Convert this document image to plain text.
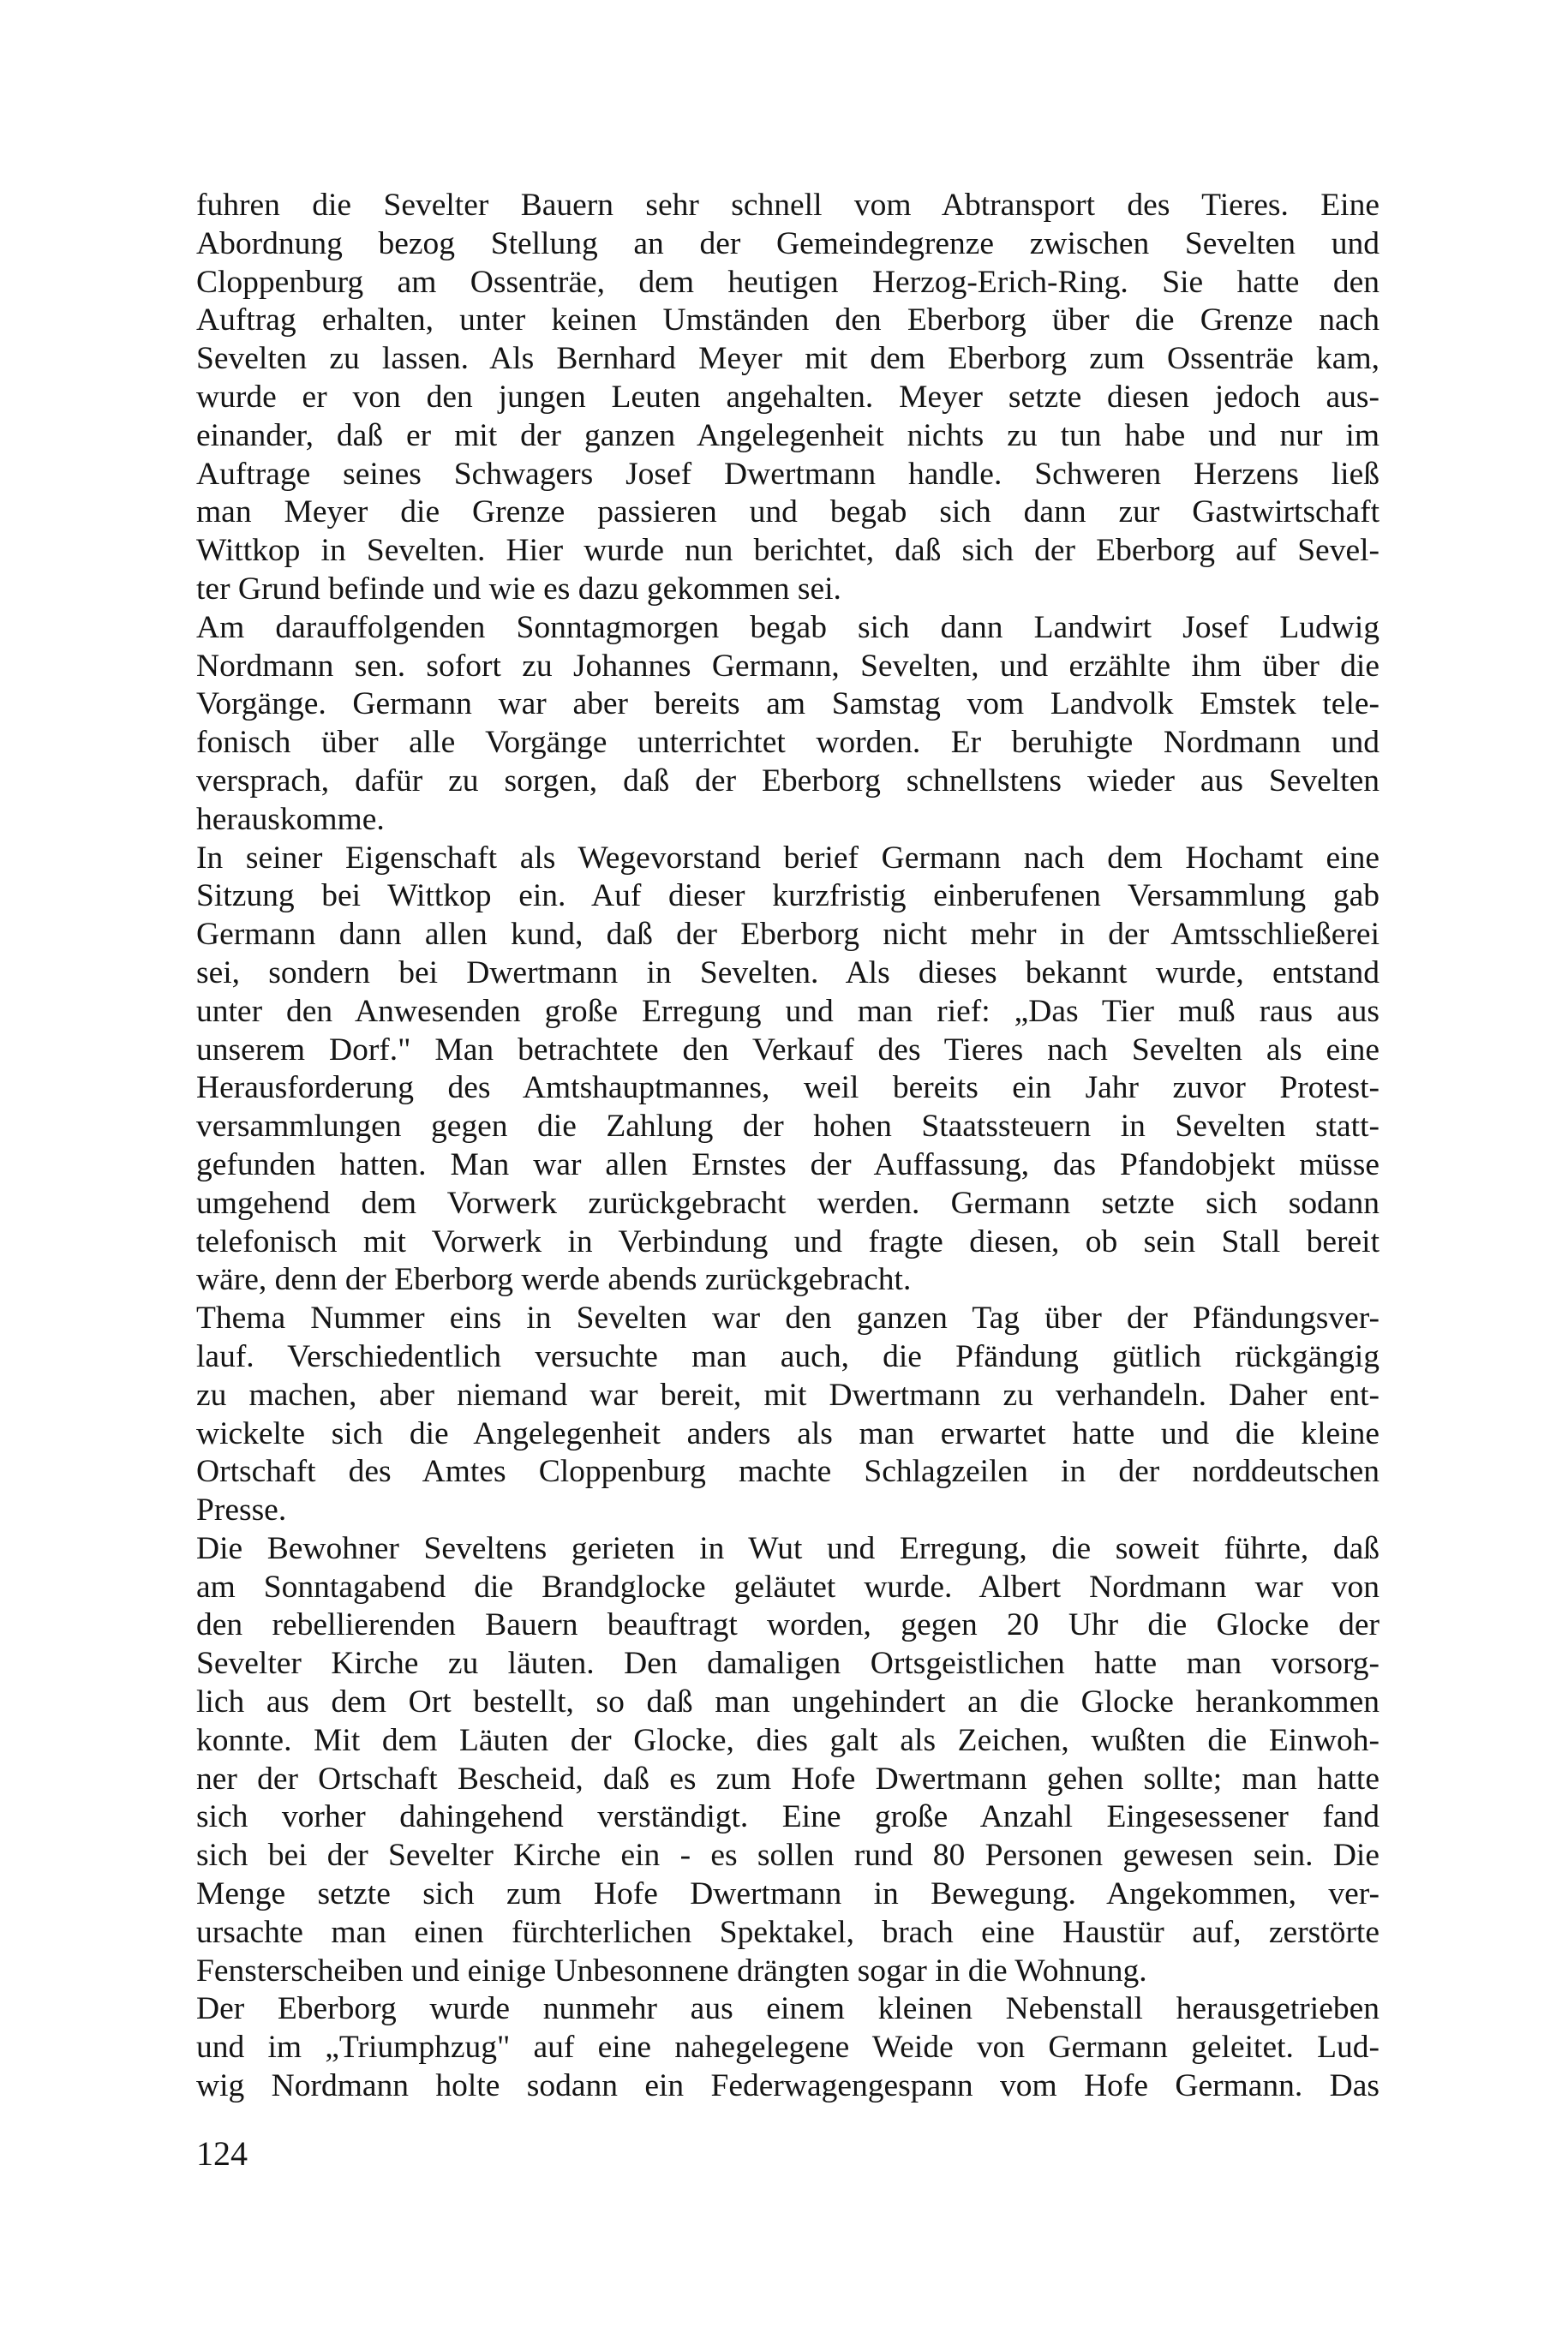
fuhren die Sevelter Bauern sehr schnell vom Abtransport des Tieres. Eine
Abordnung bezog Stellung an der Gemeindegrenze zwischen Sevelten und
Cloppenburg am Ossenträe, dem heutigen Herzog-Erich-Ring. Sie hatte den
Auftrag erhalten, unter keinen Umständen den Eberborg über die Grenze nach
Sevelten zu lassen. Als Bernhard Meyer mit dem Eberborg zum Ossenträe kam,
wurde er von den jungen Leuten angehalten. Meyer setzte diesen jedoch aus-
einander, daß er mit der ganzen Angelegenheit nichts zu tun habe und nur im
Auftrage seines Schwagers Josef Dwertmann handle. Schweren Herzens ließ
man Meyer die Grenze passieren und begab sich dann zur Gastwirtschaft
Wittkop in Sevelten. Hier wurde nun berichtet, daß sich der Eberborg auf Sevel-
ter Grund befinde und wie es dazu gekommen sei.
Am darauffolgenden Sonntagmorgen begab sich dann Landwirt Josef Ludwig
Nordmann sen. sofort zu Johannes Germann, Sevelten, und erzählte ihm über die
Vorgänge. Germann war aber bereits am Samstag vom Landvolk Emstek tele-
fonisch über alle Vorgänge unterrichtet worden. Er beruhigte Nordmann und
versprach, dafür zu sorgen, daß der Eberborg schnellstens wieder aus Sevelten
herauskomme.
In seiner Eigenschaft als Wegevorstand berief Germann nach dem Hochamt eine
Sitzung bei Wittkop ein. Auf dieser kurzfristig einberufenen Versammlung gab
Germann dann allen kund, daß der Eberborg nicht mehr in der Amtsschließerei
sei, sondern bei Dwertmann in Sevelten. Als dieses bekannt wurde, entstand
unter den Anwesenden große Erregung und man rief: „Das Tier muß raus aus
unserem Dorf." Man betrachtete den Verkauf des Tieres nach Sevelten als eine
Herausforderung des Amtshauptmannes, weil bereits ein Jahr zuvor Protest-
versammlungen gegen die Zahlung der hohen Staatssteuern in Sevelten statt-
gefunden hatten. Man war allen Ernstes der Auffassung, das Pfandobjekt müsse
umgehend dem Vorwerk zurückgebracht werden. Germann setzte sich sodann
telefonisch mit Vorwerk in Verbindung und fragte diesen, ob sein Stall bereit
wäre, denn der Eberborg werde abends zurückgebracht.
Thema Nummer eins in Sevelten war den ganzen Tag über der Pfändungsver-
lauf. Verschiedentlich versuchte man auch, die Pfändung gütlich rückgängig
zu machen, aber niemand war bereit, mit Dwertmann zu verhandeln. Daher ent-
wickelte sich die Angelegenheit anders als man erwartet hatte und die kleine
Ortschaft des Amtes Cloppenburg machte Schlagzeilen in der norddeutschen
Presse.
Die Bewohner Seveltens gerieten in Wut und Erregung, die soweit führte, daß
am Sonntagabend die Brandglocke geläutet wurde. Albert Nordmann war von
den rebellierenden Bauern beauftragt worden, gegen 20 Uhr die Glocke der
Sevelter Kirche zu läuten. Den damaligen Ortsgeistlichen hatte man vorsorg-
lich aus dem Ort bestellt, so daß man ungehindert an die Glocke herankommen
konnte. Mit dem Läuten der Glocke, dies galt als Zeichen, wußten die Einwoh-
ner der Ortschaft Bescheid, daß es zum Hofe Dwertmann gehen sollte; man hatte
sich vorher dahingehend verständigt. Eine große Anzahl Eingesessener fand
sich bei der Sevelter Kirche ein - es sollen rund 80 Personen gewesen sein. Die
Menge setzte sich zum Hofe Dwertmann in Bewegung. Angekommen, ver-
ursachte man einen fürchterlichen Spektakel, brach eine Haustür auf, zerstörte
Fensterscheiben und einige Unbesonnene drängten sogar in die Wohnung.
Der Eberborg wurde nunmehr aus einem kleinen Nebenstall herausgetrieben
und im „Triumphzug" auf eine nahegelegene Weide von Germann geleitet. Lud-
wig Nordmann holte sodann ein Federwagengespann vom Hofe Germann. Das
124
